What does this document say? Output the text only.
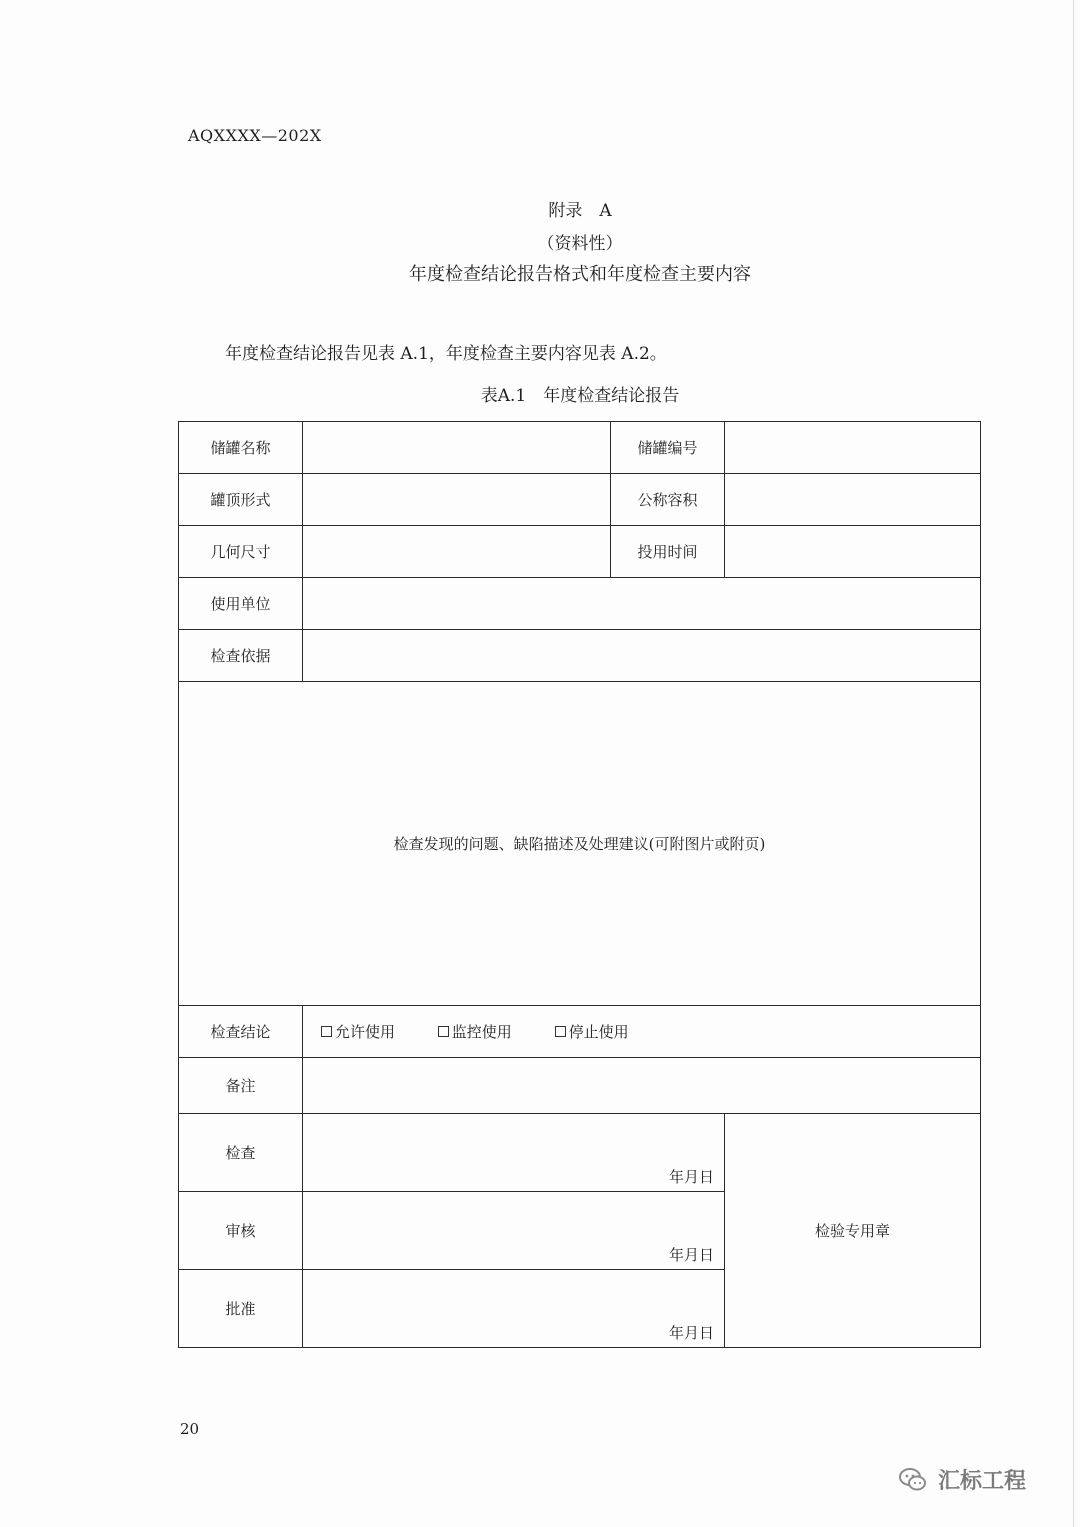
AQXXXX—202X
附录　A
（资料性）
年度检查结论报告格式和年度检查主要内容
年度检查结论报告见表 A.1，年度检查主要内容见表 A.2。
表A.1　年度检查结论报告
储罐名称		储罐编号	
罐顶形式		公称容积	
几何尺寸		投用时间	
使用单位			
检查依据			
检查发现的问题、缺陷描述及处理建议(可附图片或附页)			
检查结论	允许使用 监控使用 停止使用		
备注			
检查	年月日		检验专用章
审核	年月日		

批准	年月日		
20
汇标工程
